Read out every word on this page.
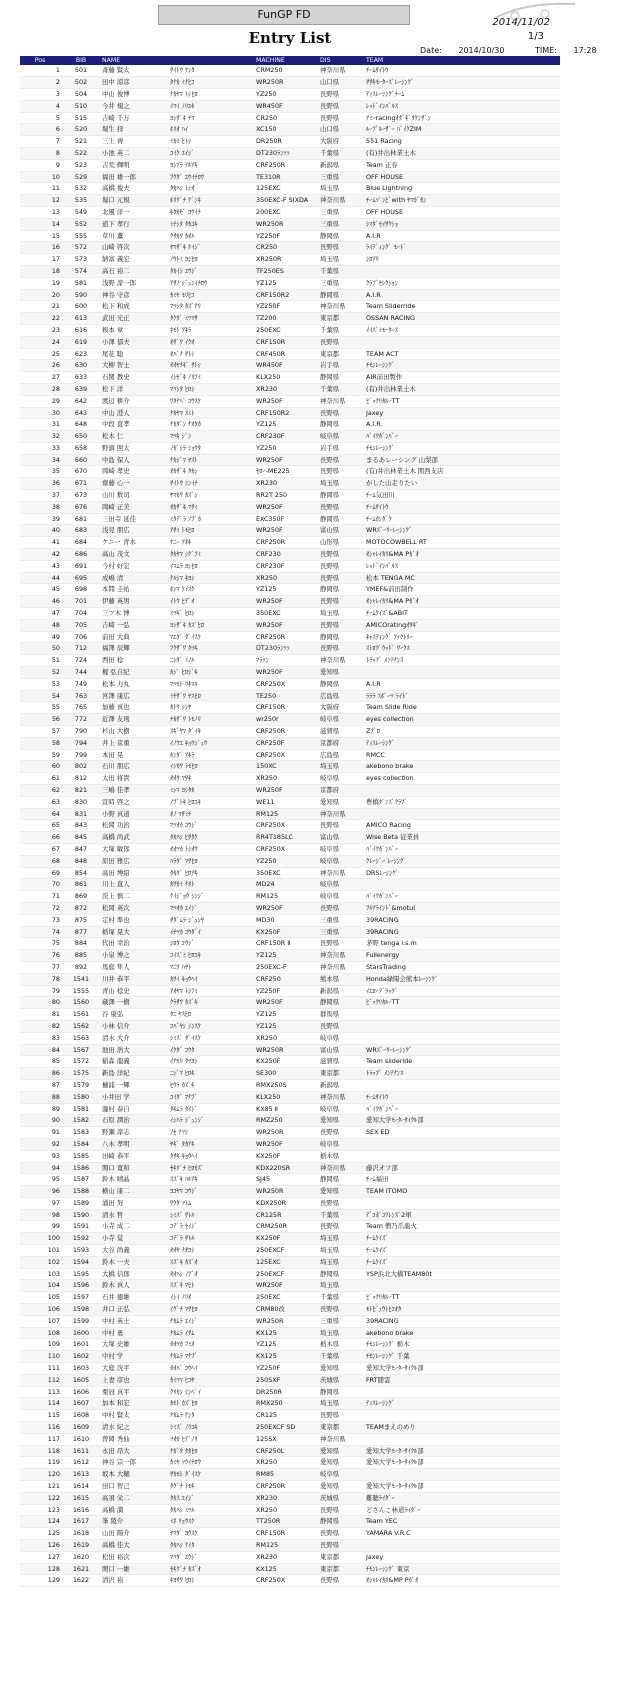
FunGP FD
2014/11/02
1/3
Entry List
Date: 2014/10/30	TIME: 17:28
Pos	BIB	NAME	MACHINE	DIS	TEAM
1	501	斎藤 賢太	ｻｲﾄｳ ｹﾝﾀ	CRM250	神奈川県	ﾁｰﾑｻｲﾄｳ
2	502	田中 涼彦	ﾀﾅｶ ﾐﾅﾋｺ	WR250R	山口県	ｻｻｷﾓｰﾀｰｽﾞﾚｰｼﾝｸﾞ
3	504	中山 俊博	ﾅｶﾔﾏ ﾄｼﾋﾛ	YZ250	長野県	ﾃｨｽﾚｰｼﾝｸﾞﾁｰﾑ
4	510	今井 規之	ｲﾏｲ ﾉﾘﾕｷ	WR450F	長野県	ﾚｯﾄﾞｲﾝﾊﾟﾙｽ
5	515	吉崎 千万	ﾖｼｻﾞｷ ﾁﾏ	CR250	長野県	ｱﾐｰracingｵﾀﾞｷﾞﾀｹﾝｻﾞﾝ
6	520	堀生 拝	ﾎﾘｵ ﾊｲ	XC150	山口県	ﾙｰﾌﾟﾙｰｻﾞｰ ﾊﾞｲｸZIM
7	521	三上 齊	ﾐｶﾐ ﾋﾄｼ	DR250R	大阪府	551 Racing
8	522	小池 英二	ｺｲｹ ｴｲｼﾞ	DT230ﾗﾝﾂｧ	千葉県	(有)井出林業土木
9	523	吉荒 輝明	ﾖｼｱﾗ ﾃﾙｱｷ	CRF250R	新潟県	Team 正春
10	529	福田 雄一郎	ﾌｸﾀﾞ ﾕｳｲﾁﾛｳ	TE310R	三重県	OFF HOUSE
11	532	高橋 俊夫	ﾀｶﾊｼ ﾄｼｵ	125EXC	埼玉県	Blue Lightning
12	535	堀口 元規	ﾎﾘｸﾞﾁ ｹﾞﾝｷ	350EXC-F SIXDA	神奈川県	ﾁｰﾑｿﾞﾝﾋﾞwith ﾔﾏｶﾞｶﾝ
13	549	北風 洋一	ｷﾀｶｾﾞ ﾖｳｲﾁ	200EXC	三重県	OFF HOUSE
14	552	道下 孝行	ﾐﾁｼﾀ ﾀｶﾕｷ	WR250R	三重県	ｼﾏﾀﾞｾｲｻｸｼｮ
15	555	草川 薫	ｸｻｶﾜ ｶｵﾙ	YZ250F	静岡県	A.I.R
16	572	山崎 啓次	ﾔﾏｻﾞｷ ｹｲｼﾞ	CR250	長野県	ﾗｲﾃﾞｨﾝｸﾞ ﾓｰﾄﾞ
17	573	納富 義宏	ﾉｳﾄﾐ ﾖｼﾋﾛ	XR250R	埼玉県	ｼﾛｱﾘ
18	574	高石 裕二	ﾀｶｲｼ ﾕｳｼﾞ	TF250ES	千葉県
19	581	浅野 淳一郎	ｱｻﾉ ｼﾞｭﾝｲﾁﾛｳ	YZ125	三重県	ｸﾗﾌﾞｾﾚｸｼｮﾝ
20	590	神谷 守彦	ｶﾐﾔ ﾓﾘﾋｺ	CRF150R2	静岡県	A.I.R
21	600	松下 和成	ﾏﾂｼﾀ ｶｽﾞﾅﾘ	YZ250F	神奈川県	Team Sliderride
22	613	武田 光正	ﾀｹﾀﾞ ﾐﾂﾏｻ	TZ200	東京都	OSSAN RACING
23	616	根本 章	ﾈﾓﾄ ｱｷﾗ	250EXC	千葉県	ｲｲｽﾞﾐﾓｰﾀｰｽ
24	619	小澤 郁夫	ｵｻﾞﾜ ｲｸｵ	CRF150R	長野県
25	623	尾花 聡	ｵﾊﾞﾅ ｻﾄｼ	CRF450R	東京都	TEAM ACT
26	630	大柳 智士	ｵｵﾔﾅｷﾞ ｻﾄｼ	WR450F	岩手県	ﾁﾓﾝﾚｰｼﾝｸﾞ
27	633	石関 教史	ｲｼｾﾞｷ ﾉﾘﾌﾐ	KLX250	静岡県	AIR前田製作
28	639	松下 洋	ﾏﾂｼﾀ ﾋﾛｼ	XR230	千葉県	(有)井出林業土木
29	642	渡辺 耕介	ﾜﾀﾅﾍﾞ ｺｳｽｹ	WR250F	神奈川県	ﾋﾞｯｸﾘｶﾙｰTT
30	643	中山 澄人	ﾅｶﾔﾏ ｽﾐﾄ	CRF150R2	長野県	Jaxey
31	648	中段 直孝	ﾅｶﾀﾞﾝ ﾅｵﾀｶ	YZ125	静岡県	A.I.R.
32	650	松木 仁	ﾏﾂｷ ｼﾞﾝ	CRF230F	岐阜県	ﾊﾞｲｸｶﾞﾝﾊﾞｰ
33	658	野頭 照太	ﾉｶﾞｼﾗ ｼｮｳﾀ	YZ250	岩手県	ﾁﾓﾝﾚｰｼﾝｸﾞ
34	660	中島 保人	ﾅｶｼﾞﾏ ﾔｽﾄ	WR250F	長野県	まるあレーシング 山梨部
35	670	岡崎 孝史	ｵｶｻﾞｷ ﾀｶｼ	ｾﾛｰ-ME225	長野県	(有)井出林業土木 関西支店
36	671	齋藤 心一	ｻｲﾄｳ ｼﾝｲﾁ	XR230	埼玉県	がした山走りたい
37	673	山川 数司	ﾔﾏｶﾜ ｶｽﾞｼ	RR2T 250	静岡県	ﾁｰﾑ気田川
38	676	岡崎 正美	ｵｶｻﾞｷ ﾏｻﾐ	WR250F	長野県	ﾁｰﾑｻｲﾄｳ
39	681	三田寺 延佳	ﾐﾀﾃﾞﾗ ﾉﾌﾞｶ	EXC350F	静岡県	ﾁｰﾑｶﾝﾀﾞｸ
40	683	浅見 朋広	ｱｻﾐ ﾄﾓﾋﾛ	WR250F	富山県	WRｽﾞｰﾜｰﾚｰｼﾝｸﾞ
41	684	ケニー 青木	ｹﾆｰ ｱｵｷ	CRF250R	山形県	MOTOCOWBELL RT
42	686	高山 茂文	ﾀｶﾔﾏ ｼｹﾞﾌﾐ	CRF230	長野県	ｵｼｬﾚｲｶﾘ&MA Pｶﾞｵ
43	691	今村 好宏	ｲﾏﾑﾗ ﾖｼﾋﾛ	CRF230F	長野県	ﾚｯﾄﾞｲﾝﾊﾟﾙｽ
44	695	成嶋 清	ﾅﾙｼﾏ ｷﾖｼ	XR250	長野県	松本 TENGA MC
45	698	本間 圭祐	ﾎﾝﾏ ｹｲｽｹ	YZ125	静岡県	YMEF&前田制作
46	701	伊藤 英男	ｲﾄｳ ﾋﾃﾞｵ	WR250F	長野県	ｵｼｬﾚｲｶﾘ&MA Pｶﾞｵ
47	704	三ツ木 博	ﾐﾂｷﾞ ﾋﾛｼ	350EXC	埼玉県	ﾁｰﾑｹｲｽﾞ&ABIT
48	705	吉崎 一弘	ﾖｼｻﾞｷ ｶｽﾞﾋﾛ	WR250F	長野県	AMICOratingｵﾀｷﾞ
49	706	前田 大典	ﾏｴﾀﾞ ﾀﾞｲｽｹ	CRF250R	静岡県	ｷｬｽﾃｨﾝｸﾞ ﾌｧｸﾄﾘｰ
50	712	福澤 辰輝	ﾌｸｻﾞﾜ ﾀﾂｷ	DT230ﾗﾝﾂｧ	長野県	ｽﾄﾛｸﾞｳｯﾄﾞ ﾜｰｸｽ
51	724	西田 稔	ﾆｼﾀﾞ ﾐﾉﾙ	ﾏﾗｿﾝ	神奈川県	ﾄﾗｯﾌﾟ ﾒﾝﾃﾅﾝｽ
52	744	梶 弘自紀	ｶｼﾞ ﾋﾛｼﾞｷ	WR250F	愛知県
53	749	松本 力丸	ﾏﾂﾓﾄ ﾘｷﾏﾙ	CRF250X	静岡県	A.I.R
54	763	宮澤 康広	ﾐﾔｻﾞﾜ ﾔｽﾋﾛ	TE250	広島県	ﾗﾗﾗ ｽﾎﾟｰﾂ ﾗｲﾄﾞ
55	765	加藤 真也	ｶﾄｳ ｼﾝﾔ	CRF150R	大阪府	Team Slide Ride
56	772	近澤 友則	ﾁｶｻﾞﾜ ﾄﾓﾉﾘ	wr250r	岐阜県	eyes collection
57	790	杉山 大樹	ｽｷﾞﾔﾏ ﾀﾞｲｷ	CRF250R	滋賀県	Zﾌﾞﾛ
58	794	井上 京重	ｲﾉｳｴ ｷｮｳｼﾞｭｳ	CRF250F	京都府	ﾃｨｽﾚｰｼﾝｸﾞ
59	799	本田 晃	ﾎﾝﾀﾞ ｱｷﾗ	CRF250X	広島県	RMCC
60	802	石川 朋広	ｲｼｶﾜ ﾄﾓﾋﾛ	150XC	埼玉県	akebono brake
61	812	太田 将貴	ｵｵﾀ ﾏｻｷ	XR250	岐阜県	eyes collection
62	821	三嶋 佳孝	ﾐｼﾏ ﾖｼﾀｶ	WR250F	京都府
63	830	宣時 啓之	ﾉﾌﾞﾄｷ ﾋﾛﾕｷ	WE11	愛知県	豊橋ﾀﾞﾝｽﾞｸﾗﾌﾞ
64	831	小野 真道	ｵﾉ ﾏｻﾐﾁ	RM125	神奈川県
65	843	松岡 功治	ﾏﾂｵｶ ｺｳｼﾞ	CRF250X	長野県	AMICO Racing
66	845	高橋 尚武	ﾀｶﾊｼ ﾋｻﾀｹ	RR4T185LC	富山県	Wise Beta 従業員
67	847	大塚 敏郎	ｵｵﾂｶ ﾄｼｵｳ	CRF250X	岐阜県	ﾊﾞｲｸｶﾞﾝﾊﾞｰ
68	848	原田 雅広	ﾊﾗﾀﾞ ﾏｻﾋﾛ	YZ250	岐阜県	ｸﾚｰｼﾞｰ ﾚｰｼﾝｸﾞ
69	854	高田 博紹	ﾀｶﾀﾞ ﾋﾛｱｷ	350EXC	神奈川県	DRSﾚｰｼﾝｸﾞ
70	861	川上 直人	ｶﾜｶﾐ ﾅｵﾄ	MD24	岐阜県
71	869	渓上 慎二	ｹｲｼﾞｮｳ ｼﾝｼﾞ	RM125	岐阜県	ﾊﾞｲｸｶﾞﾝﾊﾞｰ
72	872	松岡 英次	ﾏﾂｵｶ ｴｲｼﾞ	WR250F	長野県	ﾌﾙｱﾗｲﾝﾄﾞ&motul
73	875	定村 準也	ｻﾀﾞﾑﾗ ｼﾞｭﾝﾔ	MD30	三重県	39RACING
74	877	栃塚 晃大	ｲﾁﾂｶ ｺｳﾀﾞｲ	KX250F	三重県	39RACING
75	884	代田 幸治	ｼﾛﾀ ｺｳｼﾞ	CRF150R Ⅱ	長野県	茅野 tenga i.s.m
76	885	小泉 博之	ｺｲｽﾞﾐ ﾋﾛﾕｷ	YZ125	神奈川県	Fullenergy
77	892	馬庭 隼人	ﾏﾆﾜ ﾊﾔﾄ	250EXC-F	神奈川県	StarsTrading
78	1541	川井 恭平	ｶﾜｲ ｷｮｳﾍｲ	CRF250	熊本県	Honda緑陽会熊本ﾚｰｼﾝｸﾞ
79	1555	青山 稔史	ｱｵﾔﾏ ﾄｼﾌﾐ	YZ250F	新潟県	ｲｴﾛｰﾌﾞﾗｯｸﾞ
80	1560	蔵澤 一樹	ｸﾗｻﾜ ｶｽﾞｷ	WR250F	静岡県	ﾋﾞｯｸﾘｶﾙｰTT
81	1561	谷 康弘	ﾀﾆ ﾔｽﾋﾛ	YZ125	群馬県
82	1562	小林 信介	ｺﾊﾞﾔｼ ｼﾝｽｹ	YZ125	長野県
83	1563	清水 大介	ｼﾐｽﾞ ﾀﾞｲｽｹ	XR250	岐阜県
84	1567	池田 浩大	ｲｹﾀﾞ ｺｳﾀ	WR250R	富山県	WRｽﾞｰﾜｰﾚｰｼﾝｸﾞ
85	1572	稲森 龍義	ｲﾅﾓﾘ ﾀﾂﾖｼ	KX250F	滋賀県	Team slideride
86	1575	新島 洋紀	ﾆｼﾞﾏ ﾋﾛｷ	SE300	東京都	ﾄﾗｯﾌﾟ ﾒﾝﾃﾅﾝｽ
87	1579	樋浦 一輝	ﾋｳﾗ ｶｽﾞｷ	RMX250S	新潟県
88	1580	小井田 学	ｺｲﾀﾞ ﾏﾅﾌﾞ	KLX250	神奈川県	ﾁｰﾑｻｲﾄｳ
89	1581	瀧村 泰自	ﾀｷﾑﾗ ﾀｲｼﾞ	KX85 Ⅱ	岐阜県	ﾊﾞｲｸｶﾞﾝﾊﾞｰ
90	1582	石原 潤治	ｲｼﾊﾗ ｼﾞｭﾝｼﾞ	RMZ250	愛知県	愛知大学ﾓｰﾀｰｻｲｸﾙ部
91	1583	野瀬 淳志	ﾉｾ ｱﾂｼ	WR250R	長野県	SEX ED
92	1584	八木 孝明	ﾔｷﾞ ﾀｶｱｷ	WR250F	岐阜県
93	1585	田崎 恭平	ﾀｻｷ ｷｮｳﾍｲ	KX250F	栃木県
94	1586	関口 寛和	ｾｷｸﾞﾁ ﾋﾛｶｽﾞ	KDX220SR	神奈川県	藤沢オフ部
95	1587	鈴木 晴晶	ｽｽﾞｷ ﾊﾙｱｷ	SJ45	静岡県	ﾁｰﾑ福田
96	1588	横山 康二	ﾖｺﾔﾏ ｺｳｼﾞ	WR250R	愛知県	TEAM ITOMO
97	1589	涌田 努	ﾜｸﾀ ﾂﾄﾑ	KDX250R	長野県
98	1590	清水 哲	ｼﾐｽﾞ ｻﾄﾙ	CR125R	千葉県	ﾃﾞｺﾎﾞｺﾌﾚﾝｽﾞ2軍
99	1591	小寺 成二	ｺﾃﾞﾗ ｾｲｼﾞ	CRM250R	長野県	Team 僧乃爪龍火
100	1592	小寺 覚	ｺﾃﾞﾗ ｻﾄﾙ	KX250F	埼玉県	ﾁｰﾑｹｲｽﾞ
101	1593	大谷 尚義	ｵｵﾔ ﾅｵﾖｼ	250EXCF	埼玉県	ﾁｰﾑｹｲｽﾞ
102	1594	鈴木 一夫	ｽｽﾞｷ ｶｽﾞｵ	125EXC	埼玉県	ﾁｰﾑｹｲｽﾞ
103	1595	大橋 信郎	ｵｵﾊｼ ﾉﾌﾞｵ	250EXCF	静岡県	YSP浜北大橋TEAM80t
104	1596	鈴木 真人	ｽｽﾞｷ ﾏﾋﾄ	WR250F	埼玉県
105	1597	石井 徳雄	ｲｼｲ ﾉﾘｵ	250EXC	千葉県	ﾋﾞｯｸﾘｶﾙｰTT
106	1598	井口 正弘	ｲｸﾞﾁ ﾏｻﾋﾛ	CRM80改	長野県	ﾓﾄﾋﾞｭｳﾄﾋｺｵﾀ
107	1599	中村 英士	ﾅｶﾑﾗ ｴｲｼﾞ	WR250R	三重県	39RACING
108	1600	中村 勇	ﾅｶﾑﾗ ｲｻﾑ	KX125	埼玉県	akebono brake
109	1601	大塚 史雄	ｵｵﾂｶ ﾌﾐｵ	YZ125	栃木県	ﾁﾓﾝﾚｰｼﾝｸﾞ 栃木
110	1602	中村 学	ﾅｶﾑﾗ ﾏﾅﾌﾞ	KX125	千葉県	ﾁﾓﾝﾚｰｼﾝｸﾞ 千葉
111	1603	大庭 洸平	ｵｵﾊﾞ ｺｳﾍｲ	YZ250F	愛知県	愛知大学ﾓｰﾀｰｻｲｸﾙ部
112	1605	上妻 彦也	ｶﾐﾂﾏ ﾋｺﾔ	250SXF	茨城県	FRT闇雲
113	1606	栗冠 真平	ｸﾘｶﾝ ｼﾝﾍﾟｲ	DR250R	静岡県
114	1607	加本 和宏	ｶﾓﾄ ｶｽﾞﾋﾛ	RMX250	埼玉県	ﾃｨｽﾚｰｼﾝｸﾞ
115	1608	中村 賢太	ﾅｶﾑﾗ ｹﾝﾀ	CR125	長野県
116	1609	清水 紀之	ｼﾐｽﾞ ﾉﾘﾕｷ	250EXCF SD	東京都	TEAMまえのめり
117	1610	曽岡 秀仙	ｿｵｶ ﾋﾃﾞﾉﾘ	125SX	神奈川県
118	1611	永田 昂大	ﾅｶﾞﾀ ﾀｶﾋﾛ	CRF250L	愛知県	愛知大学ﾓｰﾀｰｻｲｸﾙ部
119	1612	神谷 宗一郎	ｶﾐﾔ ｿｳｲﾁﾛｳ	XR250	愛知県	愛知大学ﾓｰﾀｰｻｲｸﾙ部
120	1613	坂本 大輔	ｻｶﾓﾄ ﾀﾞｲｽｹ	RM85	岐阜県
121	1614	田口 智己	ﾀｸﾞﾁ ﾄﾓｷ	CRF250R	愛知県	愛知大学ﾓｰﾀｰｻｲｸﾙ部
122	1615	高須 栄二	ﾀｶｽ ｴｲｼﾞ	XR230	茨城県	難聴ﾗｲﾀﾞｰ
123	1616	高橋 満	ﾀｶﾊｼ ﾐﾂﾙ	XR250	長野県	どさんこ林道ﾗｲﾀﾞｰ
124	1617	峯 陵介	ﾐﾈ ﾘｮｳｽｹ	TT250R	静岡県	Team YEC
125	1618	山田 陽介	ﾔﾏﾀﾞ ﾖｳｽｹ	CRF150R	長野県	YAMARA V.R.C
126	1619	高橋 佳大	ﾀｶﾊｼ ｹｲﾀ	RM125	長野県
127	1620	松田 裕次	ﾏﾂﾀﾞ ﾕｳｼﾞ	XR230	東京都	Jaxey
128	1621	関口 一雄	ｾｷｸﾞﾁ ｶｽﾞｵ	KX125	東京都	ﾁﾓﾝﾚｰｼﾝｸﾞ 東京
129	1622	清沢 裕	ｷﾖｻﾜ ﾋﾛｼ	CRF250X	長野県	ｵｼｬﾚｲｶﾘ&MP Pｶﾞｵ
